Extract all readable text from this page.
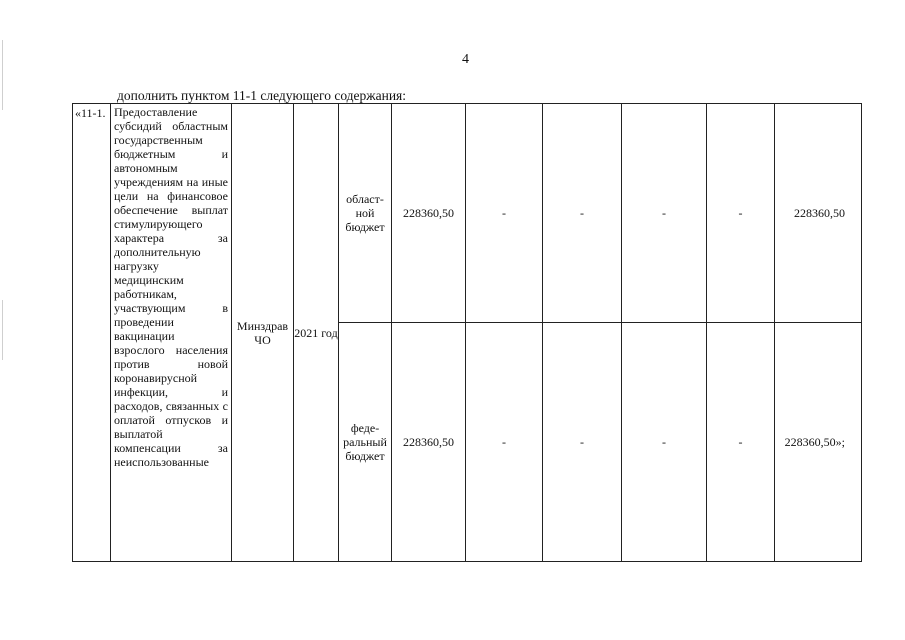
4
дополнить пунктом 11-1 следующего содержания:
«11-1.	Предоставление субсидий областным государственным бюджетным и автономным учреждениям на иные цели на финансовое обеспечение выплат стимулирующего характера за дополнительную нагрузку медицинским работникам, участвующим в проведении вакцинации взрослого населения против новой коронавирусной инфекции, и расходов, связанных с оплатой отпусков и выплатой компенсации за неиспользованные	Минздрав ЧО	2021 год	област-ной бюджет	228360,50	-	-	-	-	228360,50
				феде-ральный бюджет	228360,50	-	-	-	-	228360,50»;
